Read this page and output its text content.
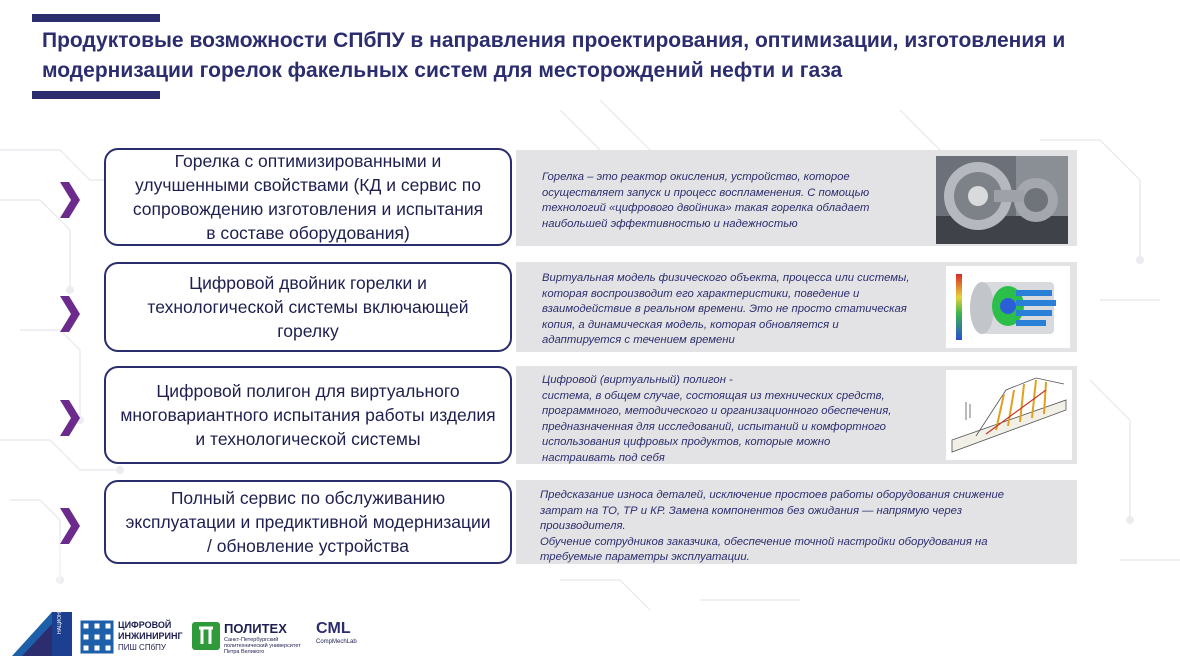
Продуктовые возможности СПбПУ в направления проектирования, оптимизации, изготовления и
модернизации горелок факельных систем для месторождений нефти и газа
Горелка с оптимизированными и
улучшенными свойствами (КД и сервис по
сопровождению изготовления и испытания
в составе оборудования)
Горелка – это реактор окисления, устройство, которое
осуществляет запуск и процесс воспламенения. С помощью
технологий «цифрового двойника» такая горелка обладает
наибольшей эффективностью и надежностью
Цифровой двойник горелки и
технологической системы включающей
горелку
Виртуальная модель физического объекта, процесса или системы,
которая воспроизводит его характеристики, поведение и
взаимодействие в реальном времени. Это не просто статическая
копия, а динамическая модель, которая обновляется и
адаптируется с течением времени
Цифровой полигон для виртуального
многовариантного испытания работы изделия
и технологической системы
Цифровой (виртуальный) полигон -
система, в общем случае, состоящая из технических средств,
программного, методического и организационного обеспечения,
предназначенная для исследований, испытаний и комфортного
использования цифровых продуктов, которые можно
настраивать под себя
Полный сервис по обслуживанию
эксплуатации и предиктивной модернизации
/ обновление устройства
Предсказание износа деталей, исключение простоев работы оборудования снижение
затрат на ТО, ТР и КР. Замена компонентов без ожидания — напрямую через
производителя.
Обучение сотрудников заказчика, обеспечение точной настройки оборудования на
требуемые параметры эксплуатации.
НАЦИОНАЛЬНЫЕ ПРОЕКТЫ РОССИИ	ЦИФРОВОЙ
ИНЖИНИРИНГ
ПИШ СПбПУ
ПОЛИТЕХ
Санкт-Петербургский
политехнический университет
Петра Великого
CML
CompMechLab
